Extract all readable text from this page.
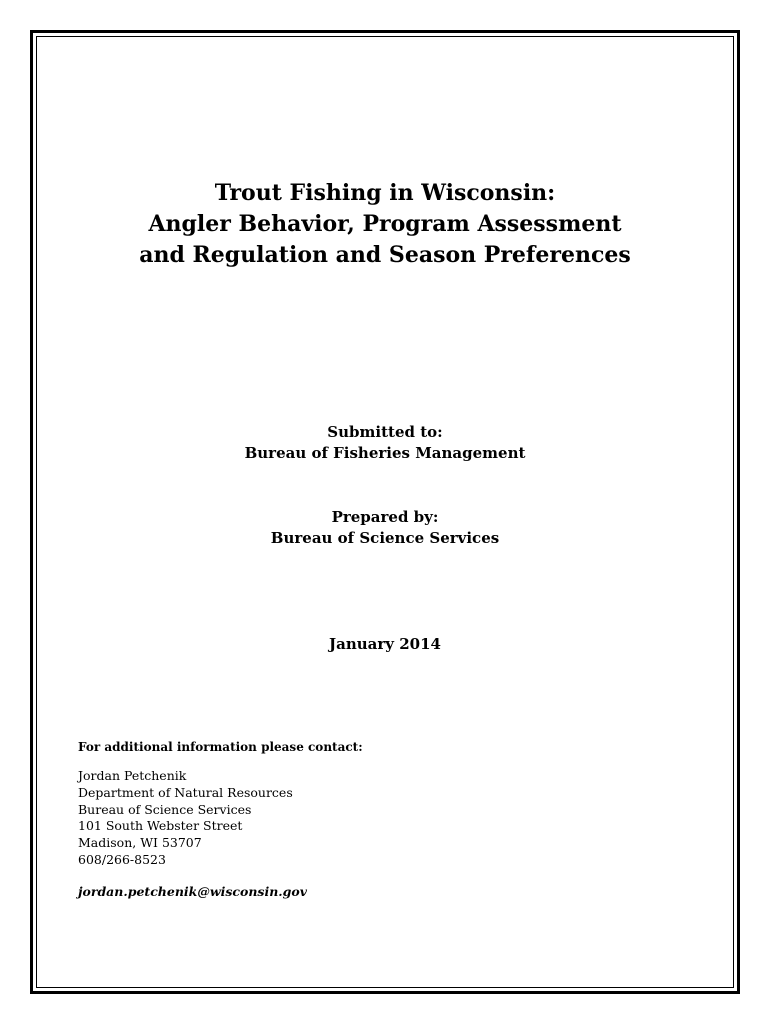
Trout Fishing in Wisconsin:
Angler Behavior, Program Assessment
and Regulation and Season Preferences
Submitted to:
Bureau of Fisheries Management
Prepared by:
Bureau of Science Services
January 2014
For additional information please contact:
Jordan Petchenik
Department of Natural Resources
Bureau of Science Services
101 South Webster Street
Madison, WI 53707
608/266-8523
jordan.petchenik@wisconsin.gov
